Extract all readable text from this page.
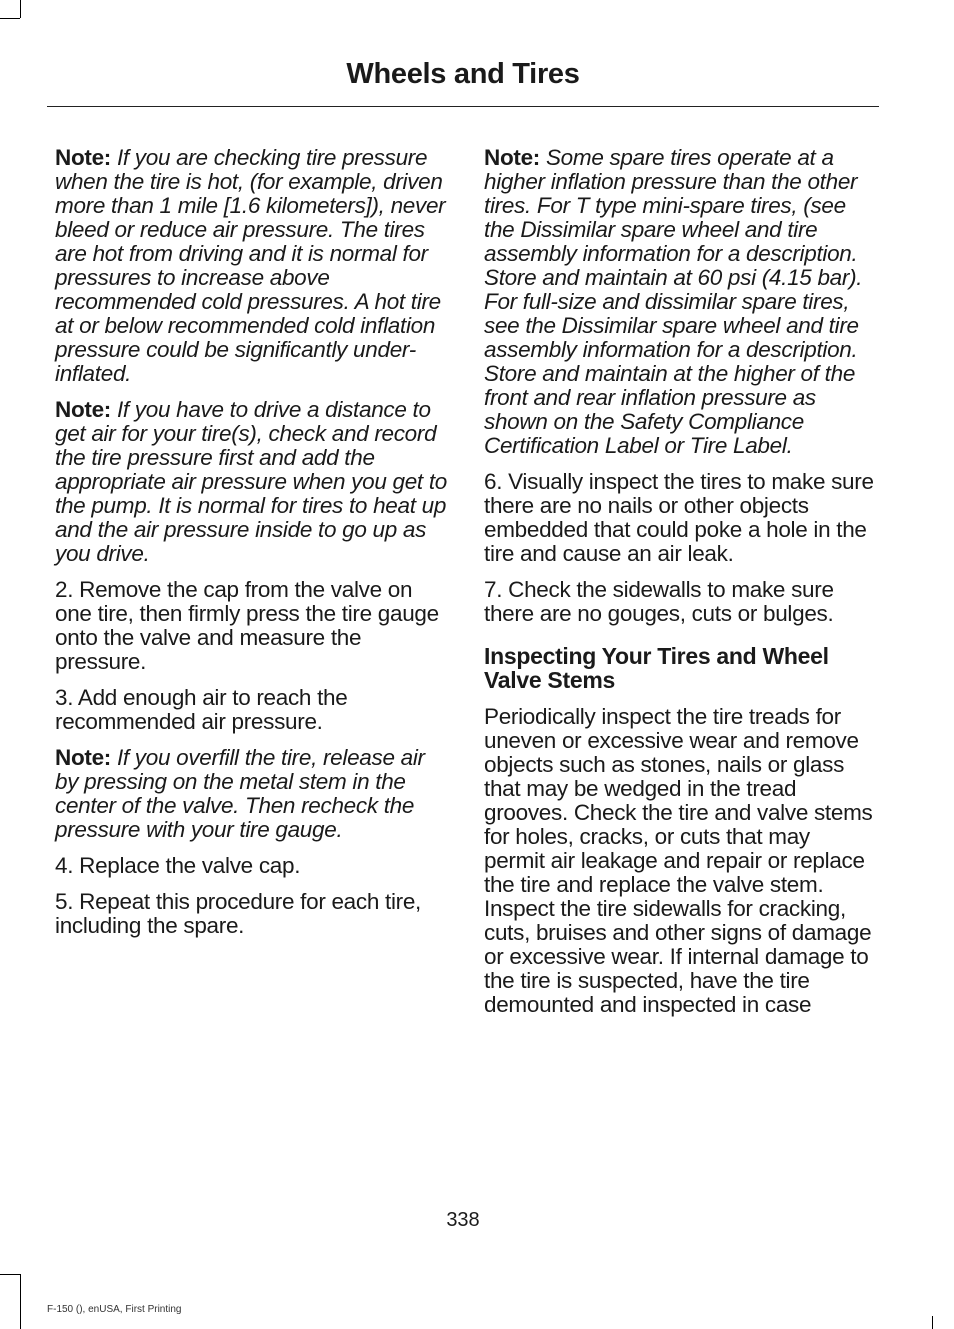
Wheels and Tires

Note: If you are checking tire pressure when the tire is hot, (for example, driven more than 1 mile [1.6 kilometers]), never bleed or reduce air pressure. The tires are hot from driving and it is normal for pressures to increase above recommended cold pressures. A hot tire at or below recommended cold inflation pressure could be significantly under-inflated.

Note: If you have to drive a distance to get air for your tire(s), check and record the tire pressure first and add the appropriate air pressure when you get to the pump. It is normal for tires to heat up and the air pressure inside to go up as you drive.

2. Remove the cap from the valve on one tire, then firmly press the tire gauge onto the valve and measure the pressure.

3. Add enough air to reach the recommended air pressure.

Note: If you overfill the tire, release air by pressing on the metal stem in the center of the valve. Then recheck the pressure with your tire gauge.

4. Replace the valve cap.

5. Repeat this procedure for each tire, including the spare.

Note: Some spare tires operate at a higher inflation pressure than the other tires. For T type mini-spare tires, (see the Dissimilar spare wheel and tire assembly information for a description. Store and maintain at 60 psi (4.15 bar). For full-size and dissimilar spare tires, see the Dissimilar spare wheel and tire assembly information for a description. Store and maintain at the higher of the front and rear inflation pressure as shown on the Safety Compliance Certification Label or Tire Label.

6. Visually inspect the tires to make sure there are no nails or other objects embedded that could poke a hole in the tire and cause an air leak.

7. Check the sidewalls to make sure there are no gouges, cuts or bulges.

Inspecting Your Tires and Wheel Valve Stems

Periodically inspect the tire treads for uneven or excessive wear and remove objects such as stones, nails or glass that may be wedged in the tread grooves. Check the tire and valve stems for holes, cracks, or cuts that may permit air leakage and repair or replace the tire and replace the valve stem. Inspect the tire sidewalls for cracking, cuts, bruises and other signs of damage or excessive wear. If internal damage to the tire is suspected, have the tire demounted and inspected in case

338
F-150 (), enUSA, First Printing
